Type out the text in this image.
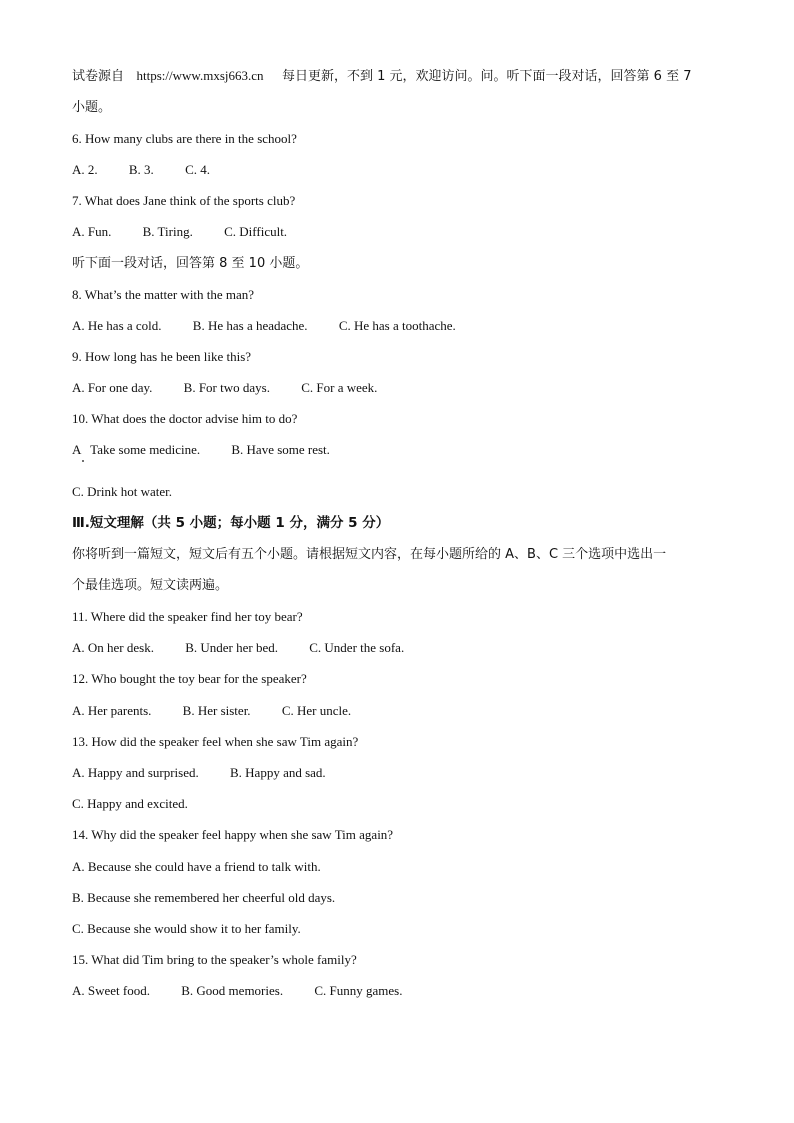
试卷源自 https://www.mxsj663.cn 每日更新，不到 1 元，欢迎访问。问。听下面一段对话，回答第 6 至 7
小题。
6. How many clubs are there in the school?
A. 2. B. 3. C. 4.
7. What does Jane think of the sports club?
A. Fun. B. Tiring. C. Difficult.
听下面一段对话，回答第 8 至 10 小题。
8. What’s the matter with the man?
A. He has a cold. B. He has a headache. C. He has a toothache.
9. How long has he been like this?
A. For one day. B. For two days. C. For a week.
10. What does the doctor advise him to do?
A   Take some medicine. B. Have some rest.
C. Drink hot water.
Ⅲ.短文理解（共 5 小题；每小题 1 分，满分 5 分）
你将听到一篇短文，短文后有五个小题。请根据短文内容，在每小题所给的 A、B、C 三个选项中选出一
个最佳选项。短文读两遍。
11. Where did the speaker find her toy bear?
A. On her desk. B. Under her bed. C. Under the sofa.
12. Who bought the toy bear for the speaker?
A. Her parents. B. Her sister. C. Her uncle.
13. How did the speaker feel when she saw Tim again?
A. Happy and surprised. B. Happy and sad.
C. Happy and excited.
14. Why did the speaker feel happy when she saw Tim again?
A. Because she could have a friend to talk with.
B. Because she remembered her cheerful old days.
C. Because she would show it to her family.
15. What did Tim bring to the speaker’s whole family?
A. Sweet food. B. Good memories. C. Funny games.
